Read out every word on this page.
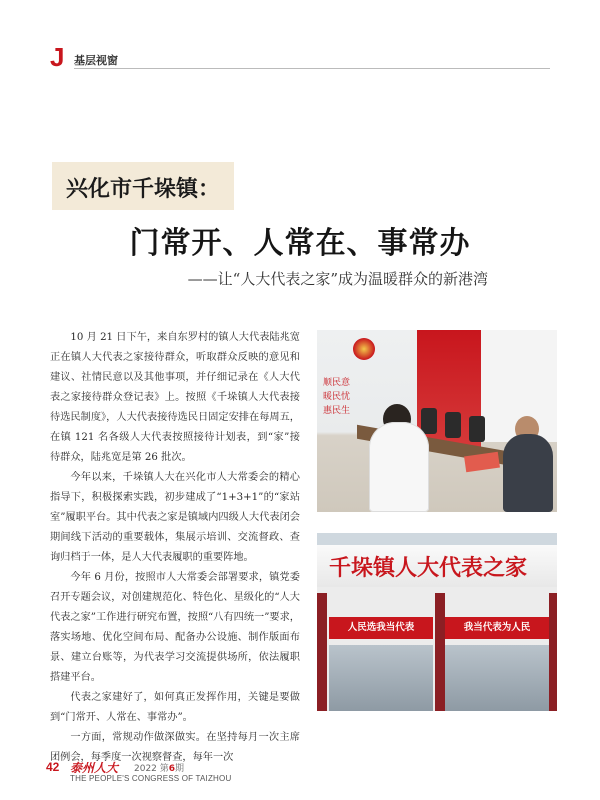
J 基层视窗
兴化市千垛镇：
门常开、人常在、事常办
——让“人大代表之家”成为温暖群众的新港湾

10 月 21 日下午，来自东罗村的镇人大代表陆兆宽正在镇人大代表之家接待群众，听取群众反映的意见和建议、社情民意以及其他事项，并仔细记录在《人大代表之家接待群众登记表》上。按照《千垛镇人大代表接待选民制度》，人大代表接待选民日固定安排在每周五，在镇 121 名各级人大代表按照接待计划表，到“家”接待群众，陆兆宽是第 26 批次。

今年以来，千垛镇人大在兴化市人大常委会的精心指导下，积极探索实践，初步建成了“1+3+1”的“家站室”履职平台。其中代表之家是镇域内四级人大代表闭会期间线下活动的重要载体，集展示培训、交流督政、查询归档于一体，是人大代表履职的重要阵地。

今年 6 月份，按照市人大常委会部署要求，镇党委召开专题会议，对创建规范化、特色化、星级化的“人大代表之家”工作进行研究布置，按照“八有四统一”要求，落实场地、优化空间布局、配备办公设施、制作版面布景、建立台账等，为代表学习交流提供场所，依法履职搭建平台。

代表之家建好了，如何真正发挥作用，关键是要做到“门常开、人常在、事常办”。

一方面，常规动作做深做实。在坚持每月一次主席团例会，每季度一次视察督查，每年一次

顺民意
暖民忧
惠民生
千垛镇人大代表之家
人民选我当代表	我当代表为人民
42 泰州人大 2022 第6期
THE PEOPLE'S CONGRESS OF TAIZHOU
